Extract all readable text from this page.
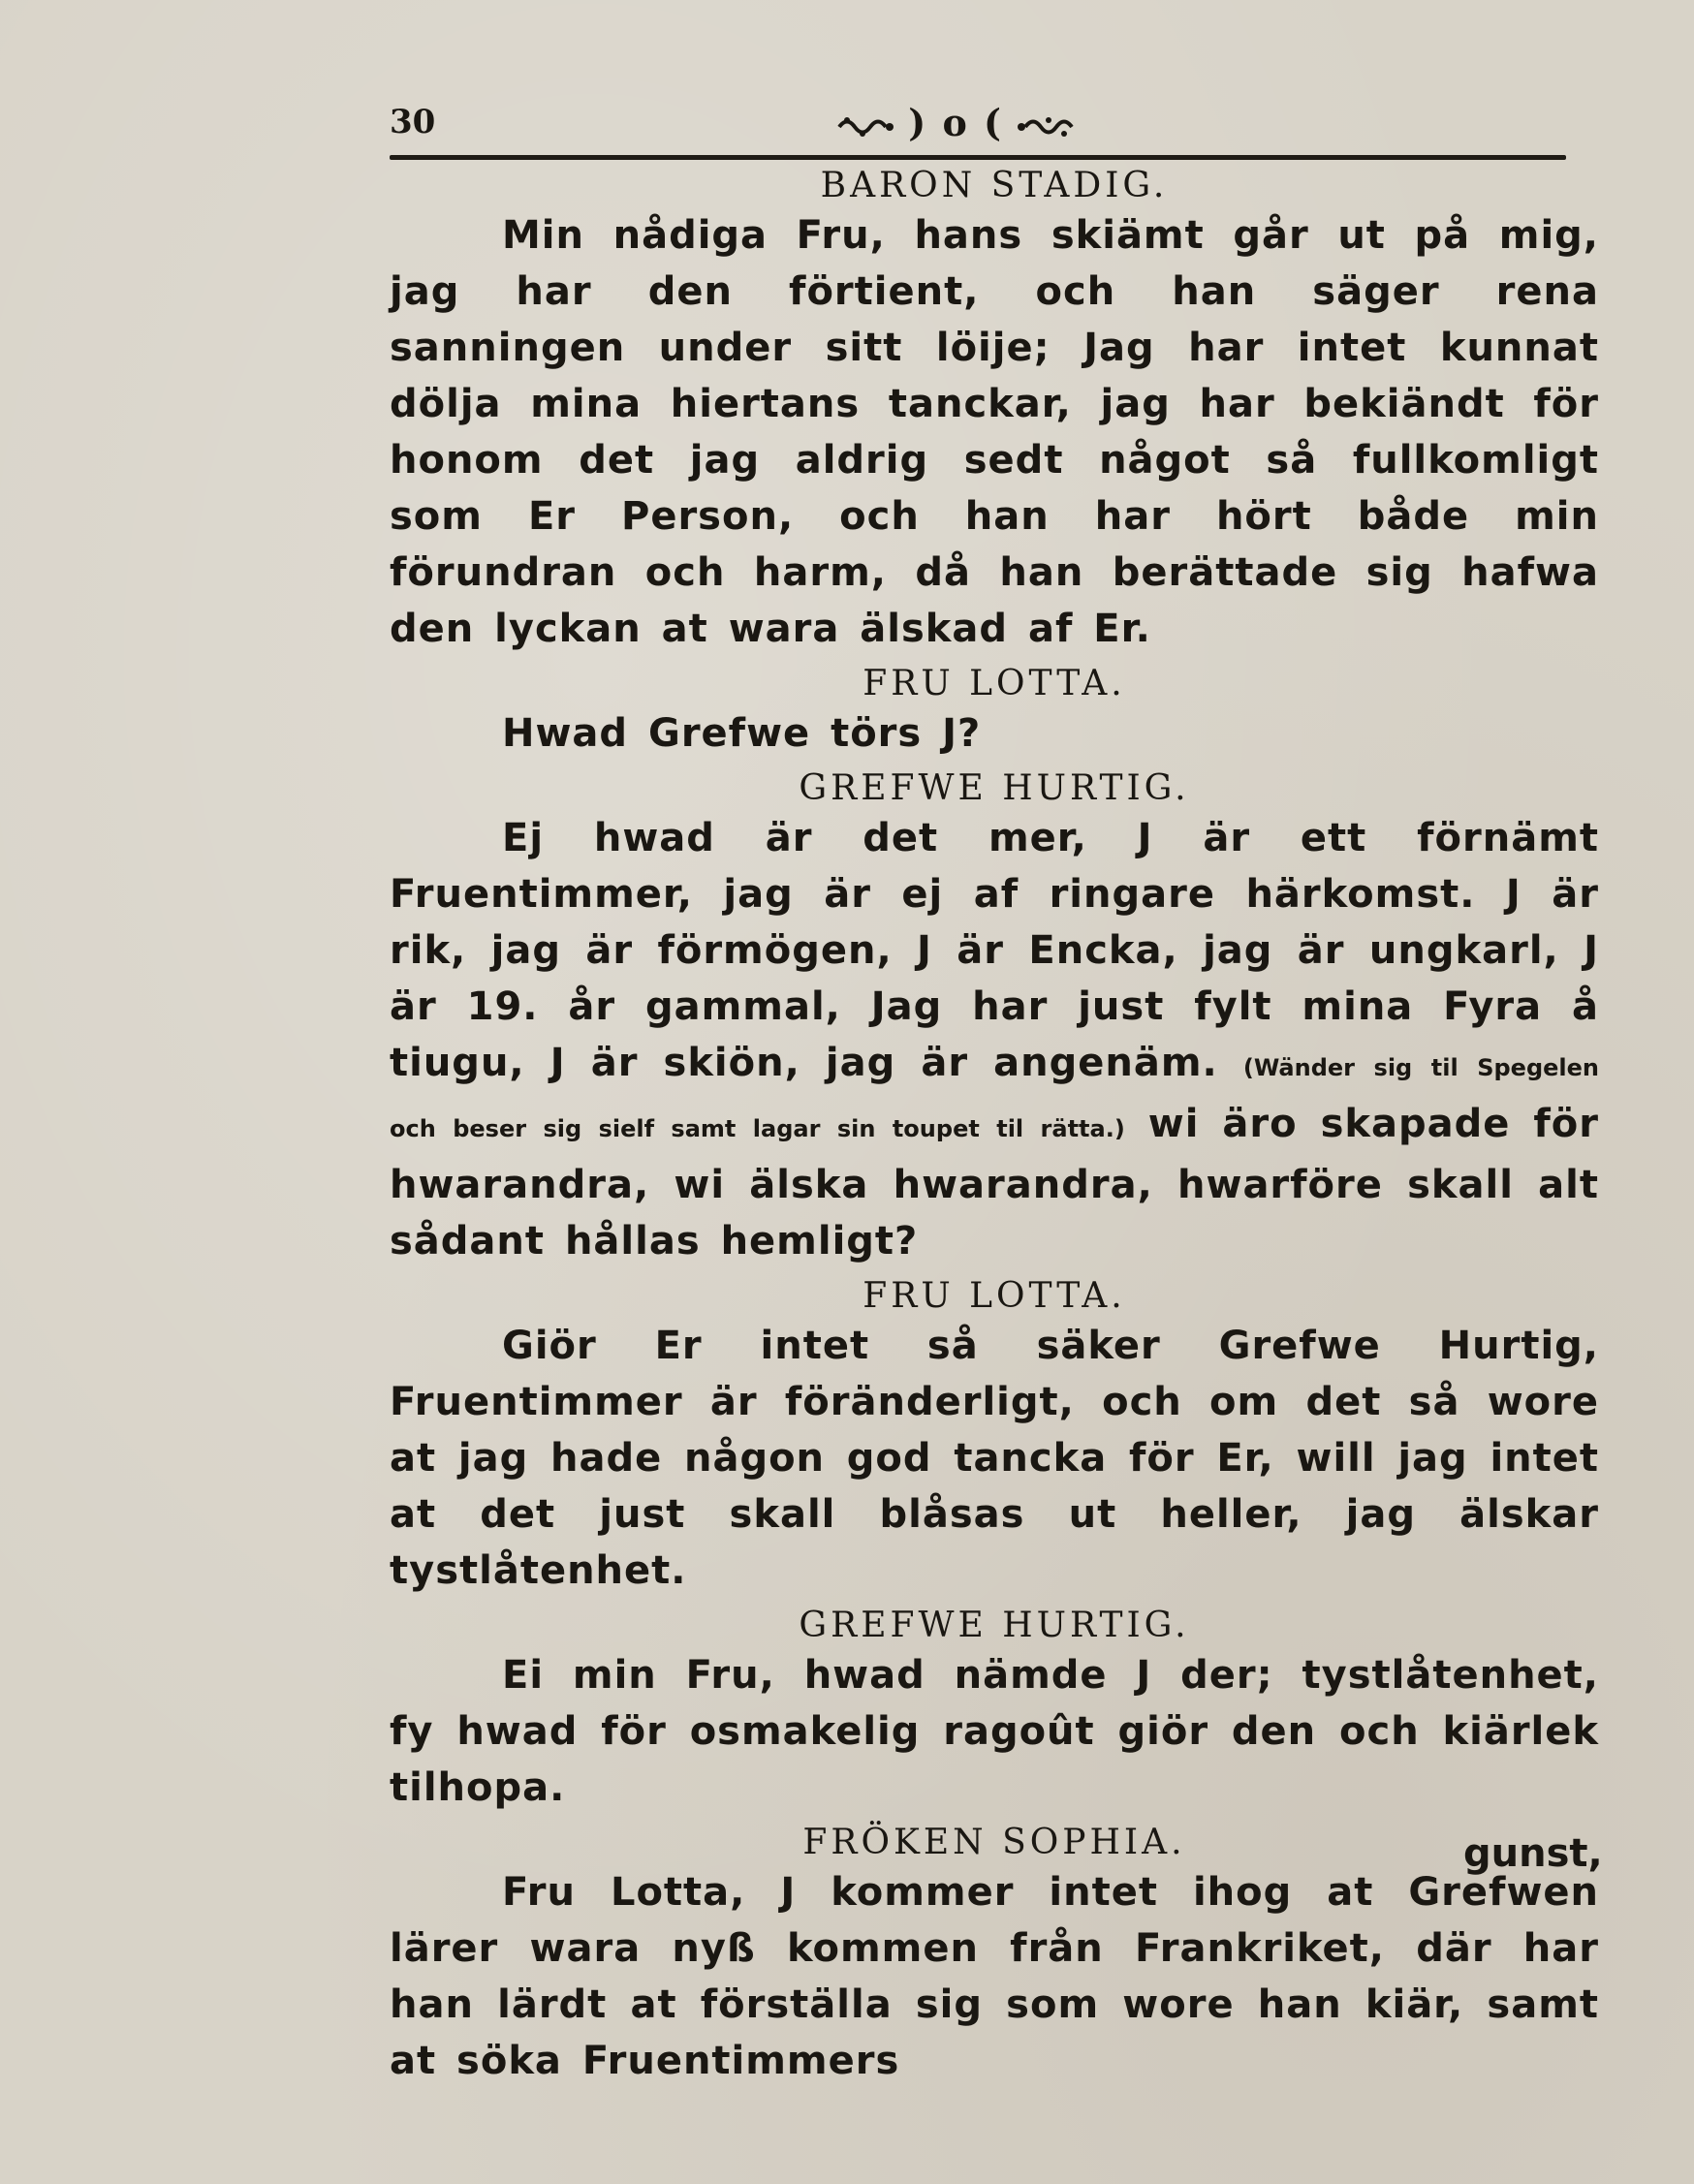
30	) o (

BARON STADIG.

Min nådiga Fru, hans skiämt går ut på mig, jag har den förtient, och han säger rena sanningen under sitt löije; Jag har intet kunnat dölja mina hiertans tanckar, jag har bekiändt för honom det jag aldrig sedt något så fullkomligt som Er Person, och han har hört både min förundran och harm, då han berättade sig hafwa den lyckan at wara älskad af Er.

FRU LOTTA.

Hwad Grefwe törs J?

GREFWE HURTIG.

Ej hwad är det mer, J är ett förnämt Fruentimmer, jag är ej af ringare härkomst. J är rik, jag är förmögen, J är Encka, jag är ungkarl, J är 19. år gammal, Jag har just fylt mina Fyra å tiugu, J är skiön, jag är angenäm. (Wänder sig til Spegelen och beser sig sielf samt lagar sin toupet til rätta.) wi äro skapade för hwarandra, wi älska hwarandra, hwarföre skall alt sådant hållas hemligt?

FRU LOTTA.

Giör Er intet så säker Grefwe Hurtig, Fruentimmer är föränderligt, och om det så wore at jag hade någon god tancka för Er, will jag intet at det just skall blåsas ut heller, jag älskar tystlåtenhet.

GREFWE HURTIG.

Ei min Fru, hwad nämde J der; tystlåtenhet, fy hwad för osmakelig ragoût giör den och kiärlek tilhopa.

FRÖKEN SOPHIA.

Fru Lotta, J kommer intet ihog at Grefwen lärer wara nyß kommen från Frankriket, där har han lärdt at förställa sig som wore han kiär, samt at söka Fruentimmers

gunst,
